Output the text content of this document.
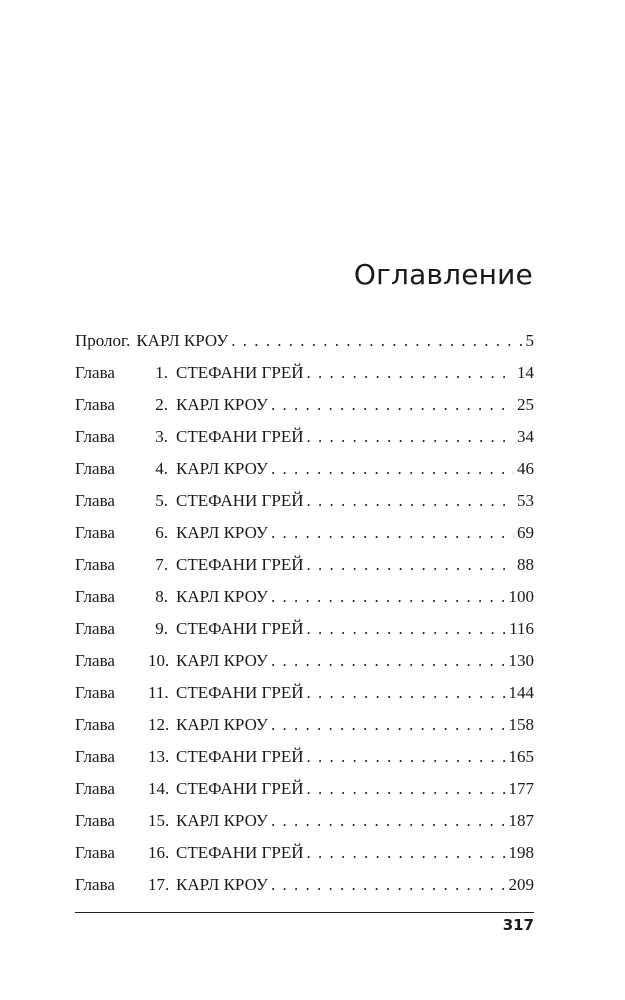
Оглавление
Пролог. КАРЛ КРОУ . . .	5
Глава	1. СТЕФАНИ ГРЕЙ . . .	14
Глава	2. КАРЛ КРОУ . . .	25
Глава	3. СТЕФАНИ ГРЕЙ . . .	34
Глава	4. КАРЛ КРОУ . . .	46
Глава	5. СТЕФАНИ ГРЕЙ . . .	53
Глава	6. КАРЛ КРОУ . . .	69
Глава	7. СТЕФАНИ ГРЕЙ . . .	88
Глава	8. КАРЛ КРОУ . . .	100
Глава	9. СТЕФАНИ ГРЕЙ . . .	116
Глава	10. КАРЛ КРОУ . . .	130
Глава	11. СТЕФАНИ ГРЕЙ . . .	144
Глава	12. КАРЛ КРОУ . . .	158
Глава	13. СТЕФАНИ ГРЕЙ . . .	165
Глава	14. СТЕФАНИ ГРЕЙ . . .	177
Глава	15. КАРЛ КРОУ . . .	187
Глава	16. СТЕФАНИ ГРЕЙ . . .	198
Глава	17. КАРЛ КРОУ . . .	209
317
